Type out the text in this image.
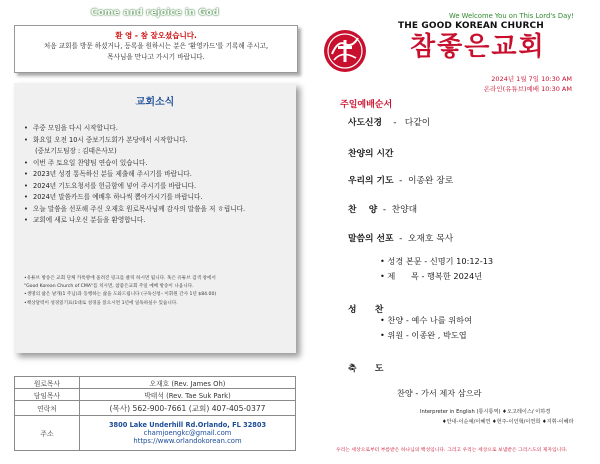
Come and rejoice in God
환 영 - 참 잘오셨습니다.
처음 교회를 방문 하셨거나, 등록을 원하시는 분은 '환영카드'를 기록해 주시고,
목사님을 만나고 가시기 바랍니다.
교회소식
• 주중 모임을 다시 시작합니다.
• 화요일 오전 10시 중보기도회가 본당에서 시작합니다.
(중보기도팀장 : 김태은사모)
• 이번 주 토요일 찬양팀 연습이 있습니다.
• 2023년 성경 통독하신 분들 제출해 주시기를 바랍니다.
• 2024년 기도요청서를 헌금함에 넣어 주시기를 바랍니다.
• 2024년 말씀카드를 예배후 하나씩 뽑아가시기를 바랍니다.
• 오늘 말씀을 선포해 주신 오재호 원로목사님께 감사의 말씀을 저 ㅎ립니다.
• 교회에 새로 나오신 분들을 환영합니다.
•유튜브 방송은 교회 단체 카톡방에 올려진 링크를 클릭 하시면 됩니다. 혹은 유튜브 검색 창에서
"Good Korean Church of CMA"를 치시면, 참좋은교회 주일 예배 방송이 나옵니다.
•생명의 삶은 낱개(1 주님)과 동행하는 삶을 도와드립니다 (구독신청– 이휘원 간사 1년 $84.00)
•책상달력이 성경읽기표(1대로 성경을 읽으시면 1년에 일독하실수 있습니다.
원로목사	오재호 (Rev. James Oh)
담임목사	박태석 (Rev. Tae Suk Park)
연락처	(목사) 562-900-7661 (교회) 407-405-0377
주소	3800 Lake Underhill Rd.Orlando, FL 32803
chamjoengkc@gmail.com
https://www.orlandokorean.com
We Welcome You on This Lord's Day!
THE GOOD KOREAN CHURCH
참좋은교회
2024년 1월 7일 10:30 AM
온라인(유튜브)예배 10:30 AM
주일예배순서
사도신경 - 다같이
찬양의 시간
우리의 기도 - 이종완 장로
찬    양 - 찬양대
말씀의 선포 - 오재호 목사
• 성경 본문 - 신명기 10:12-13
• 제      목 - 행복한 2024년
성      찬
• 찬양 - 예수 나를 위하여
• 위원 - 이종완 , 박도엽
축      도
찬양 - 가서 제자 삼으라
Interpreter in English (통시통역) ♦오고레이스/ 이하경
♦안내-이순예/이혜연 ♦헌주-이인혁/이연희 ♦지휘-이혜라
우리는 세상으로부터 부름받은 하나님의 백성입니다. 그리고 우리는 세상으로 보냄받은 그리스도의 제자입니다.
